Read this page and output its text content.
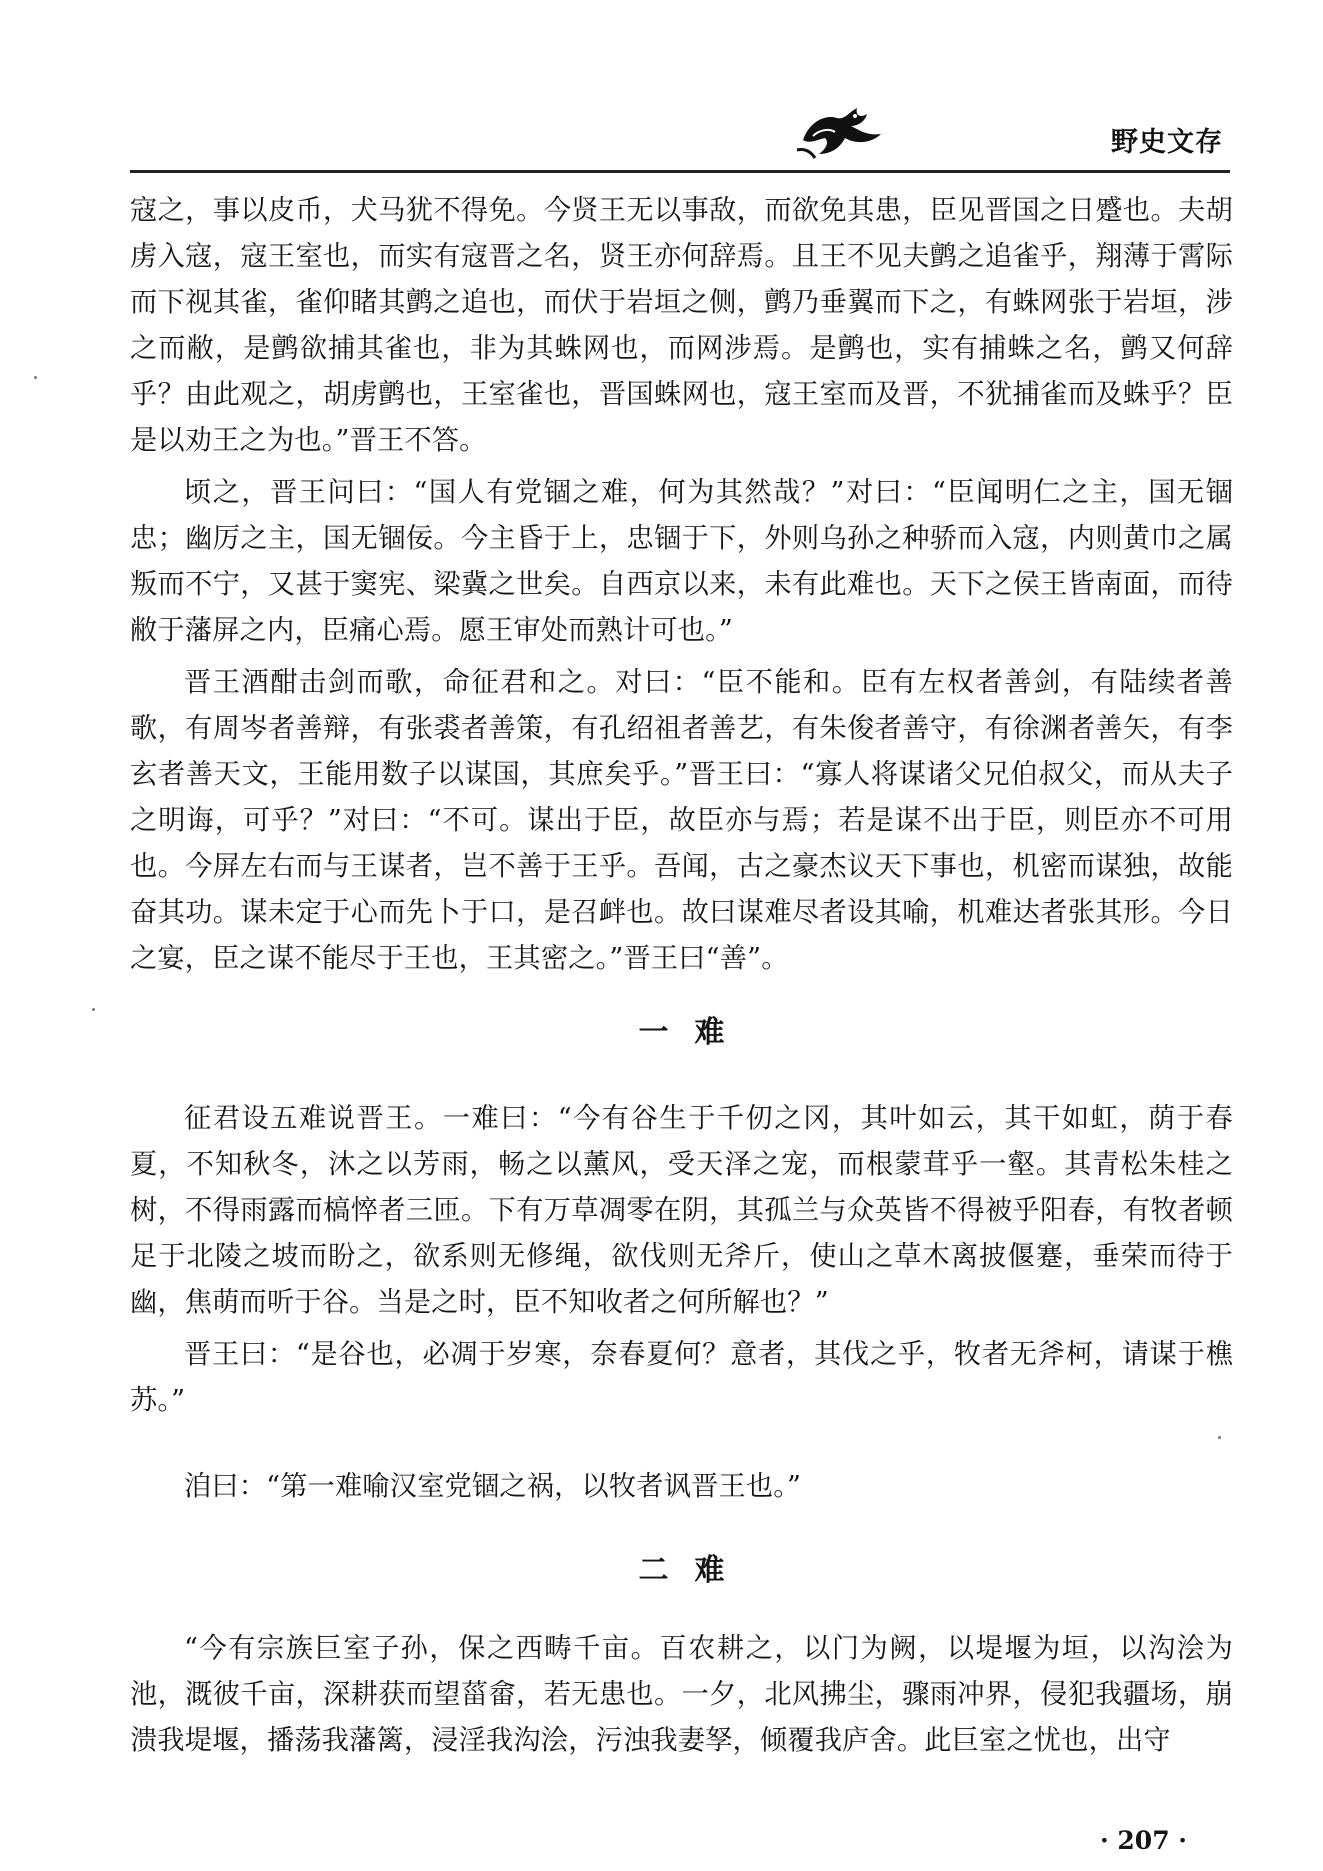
野史文存

寇之，事以皮币，犬马犹不得免。今贤王无以事敌，而欲免其患，臣见晋国之日蹙也。夫胡虏入寇，寇王室也，而实有寇晋之名，贤王亦何辞焉。且王不见夫鹯之追雀乎，翔薄于霄际而下视其雀，雀仰睹其鹯之追也，而伏于岩垣之侧，鹯乃垂翼而下之，有蛛网张于岩垣，涉之而敝，是鹯欲捕其雀也，非为其蛛网也，而网涉焉。是鹯也，实有捕蛛之名，鹯又何辞乎？由此观之，胡虏鹯也，王室雀也，晋国蛛网也，寇王室而及晋，不犹捕雀而及蛛乎？臣是以劝王之为也。”晋王不答。

顷之，晋王问曰：“国人有党锢之难，何为其然哉？”对曰：“臣闻明仁之主，国无锢忠；幽厉之主，国无锢佞。今主昏于上，忠锢于下，外则乌孙之种骄而入寇，内则黄巾之属叛而不宁，又甚于窦宪、梁冀之世矣。自西京以来，未有此难也。天下之侯王皆南面，而待敝于藩屏之内，臣痛心焉。愿王审处而熟计可也。”

晋王酒酣击剑而歌，命征君和之。对曰：“臣不能和。臣有左权者善剑，有陆续者善歌，有周岑者善辩，有张裘者善策，有孔绍祖者善艺，有朱俊者善守，有徐渊者善矢，有李玄者善天文，王能用数子以谋国，其庶矣乎。”晋王曰：“寡人将谋诸父兄伯叔父，而从夫子之明诲，可乎？”对曰：“不可。谋出于臣，故臣亦与焉；若是谋不出于臣，则臣亦不可用也。今屏左右而与王谋者，岂不善于王乎。吾闻，古之豪杰议天下事也，机密而谋独，故能奋其功。谋未定于心而先卜于口，是召衅也。故曰谋难尽者设其喻，机难达者张其形。今日之宴，臣之谋不能尽于王也，王其密之。”晋王曰“善”。

一难

征君设五难说晋王。一难曰：“今有谷生于千仞之冈，其叶如云，其干如虹，荫于春夏，不知秋冬，沐之以芳雨，畅之以薰风，受天泽之宠，而根蒙茸乎一壑。其青松朱桂之树，不得雨露而槁悴者三匝。下有万草凋零在阴，其孤兰与众英皆不得被乎阳春，有牧者顿足于北陵之坡而盼之，欲系则无修绳，欲伐则无斧斤，使山之草木离披偃蹇，垂荣而待于幽，焦萌而听于谷。当是之时，臣不知收者之何所解也？”

晋王曰：“是谷也，必凋于岁寒，奈春夏何？意者，其伐之乎，牧者无斧柯，请谋于樵苏。”

洎曰：“第一难喻汉室党锢之祸，以牧者讽晋王也。”

二难

“今有宗族巨室子孙，保之西畴千亩。百农耕之，以门为阙，以堤堰为垣，以沟浍为池，溉彼千亩，深耕获而望菑畲，若无患也。一夕，北风拂尘，骤雨冲界，侵犯我疆场，崩溃我堤堰，播荡我藩篱，浸淫我沟浍，污浊我妻孥，倾覆我庐舍。此巨室之忧也，出守

· 207 ·
